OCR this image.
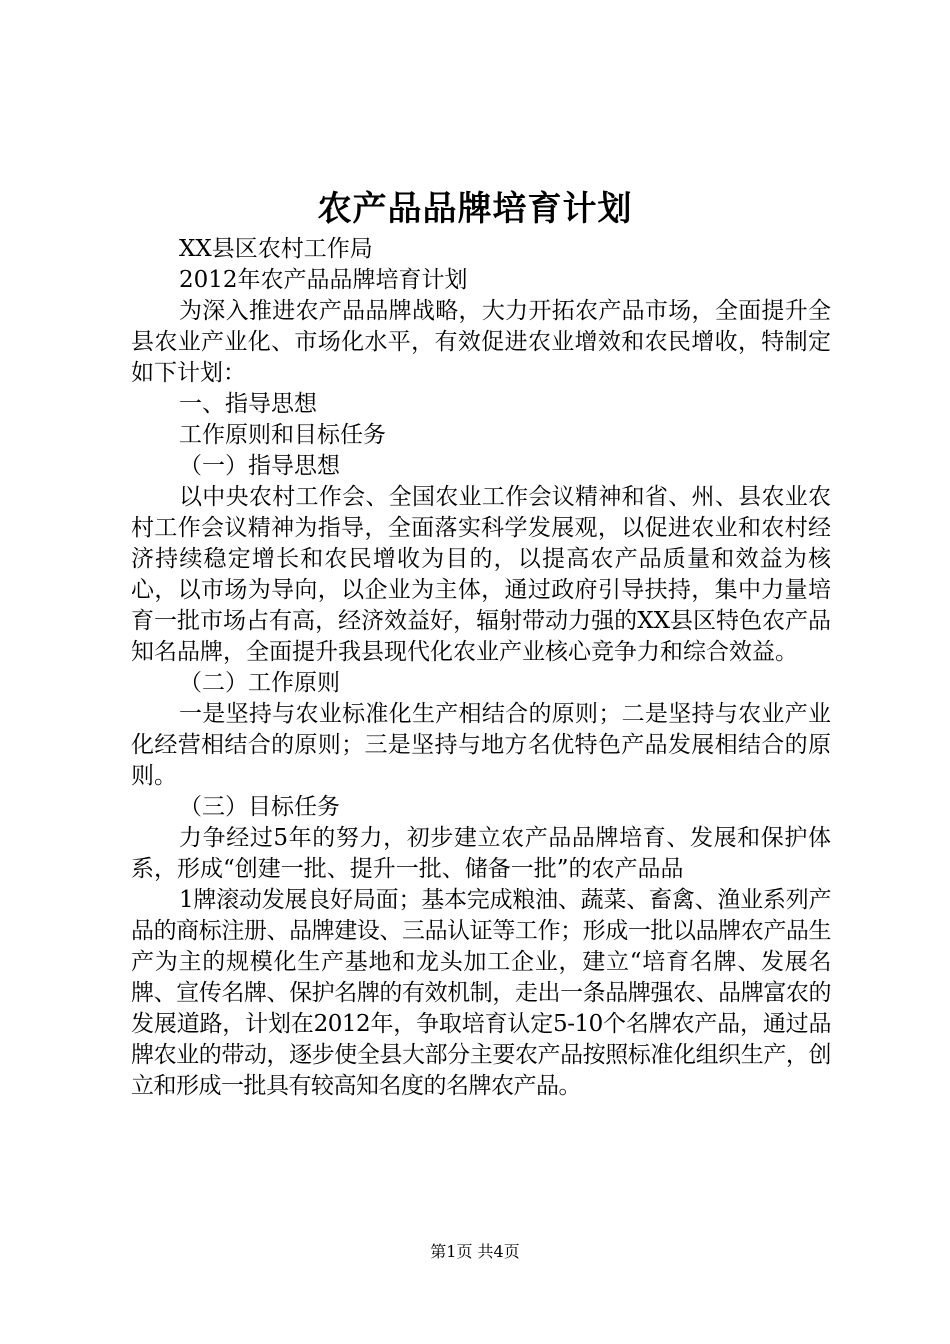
农产品品牌培育计划

XX县区农村工作局

2012年农产品品牌培育计划

为深入推进农产品品牌战略，大力开拓农产品市场，全面提升全县农业产业化、市场化水平，有效促进农业增效和农民增收，特制定如下计划：

一、指导思想

工作原则和目标任务

（一）指导思想

以中央农村工作会、全国农业工作会议精神和省、州、县农业农村工作会议精神为指导，全面落实科学发展观，以促进农业和农村经济持续稳定增长和农民增收为目的，以提高农产品质量和效益为核心，以市场为导向，以企业为主体，通过政府引导扶持，集中力量培育一批市场占有高，经济效益好，辐射带动力强的XX县区特色农产品知名品牌，全面提升我县现代化农业产业核心竞争力和综合效益。

（二）工作原则

一是坚持与农业标准化生产相结合的原则；二是坚持与农业产业化经营相结合的原则；三是坚持与地方名优特色产品发展相结合的原则。

（三）目标任务

力争经过5年的努力，初步建立农产品品牌培育、发展和保护体系，形成“创建一批、提升一批、储备一批”的农产品品

1牌滚动发展良好局面；基本完成粮油、蔬菜、畜禽、渔业系列产品的商标注册、品牌建设、三品认证等工作；形成一批以品牌农产品生产为主的规模化生产基地和龙头加工企业，建立“培育名牌、发展名牌、宣传名牌、保护名牌的有效机制，走出一条品牌强农、品牌富农的发展道路，计划在2012年，争取培育认定5-10个名牌农产品，通过品牌农业的带动，逐步使全县大部分主要农产品按照标准化组织生产，创立和形成一批具有较高知名度的名牌农产品。

第1页 共4页
